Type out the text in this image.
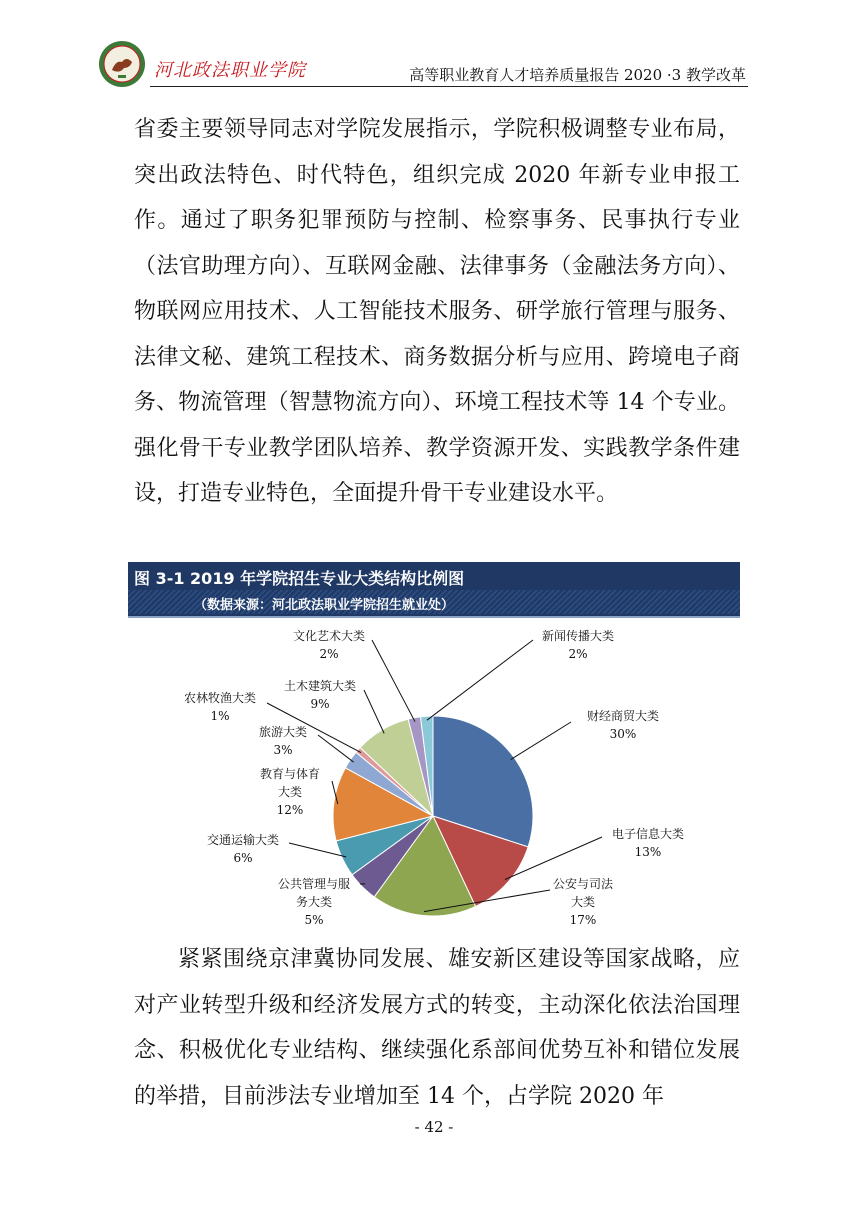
河北政法职业学院	高等职业教育人才培养质量报告 2020 ·3 教学改革

省委主要领导同志对学院发展指示，学院积极调整专业布局，突出政法特色、时代特色，组织完成 2020 年新专业申报工作。通过了职务犯罪预防与控制、检察事务、民事执行专业（法官助理方向）、互联网金融、法律事务（金融法务方向）、物联网应用技术、人工智能技术服务、研学旅行管理与服务、法律文秘、建筑工程技术、商务数据分析与应用、跨境电子商务、物流管理（智慧物流方向）、环境工程技术等 14 个专业。强化骨干专业教学团队培养、教学资源开发、实践教学条件建设，打造专业特色，全面提升骨干专业建设水平。

图 3-1 2019 年学院招生专业大类结构比例图
（数据来源：河北政法职业学院招生就业处）
财经商贸大类
30%
电子信息大类
13%
公安与司法
大类
17%
公共管理与服
务大类
5%
交通运输大类
6%
教育与体育
大类
12%
旅游大类
3%
农林牧渔大类
1%
土木建筑大类
9%
文化艺术大类
2%
新闻传播大类
2%

紧紧围绕京津冀协同发展、雄安新区建设等国家战略，应对产业转型升级和经济发展方式的转变，主动深化依法治国理念、积极优化专业结构、继续强化系部间优势互补和错位发展的举措，目前涉法专业增加至 14 个，占学院 2020 年

- 42 -
